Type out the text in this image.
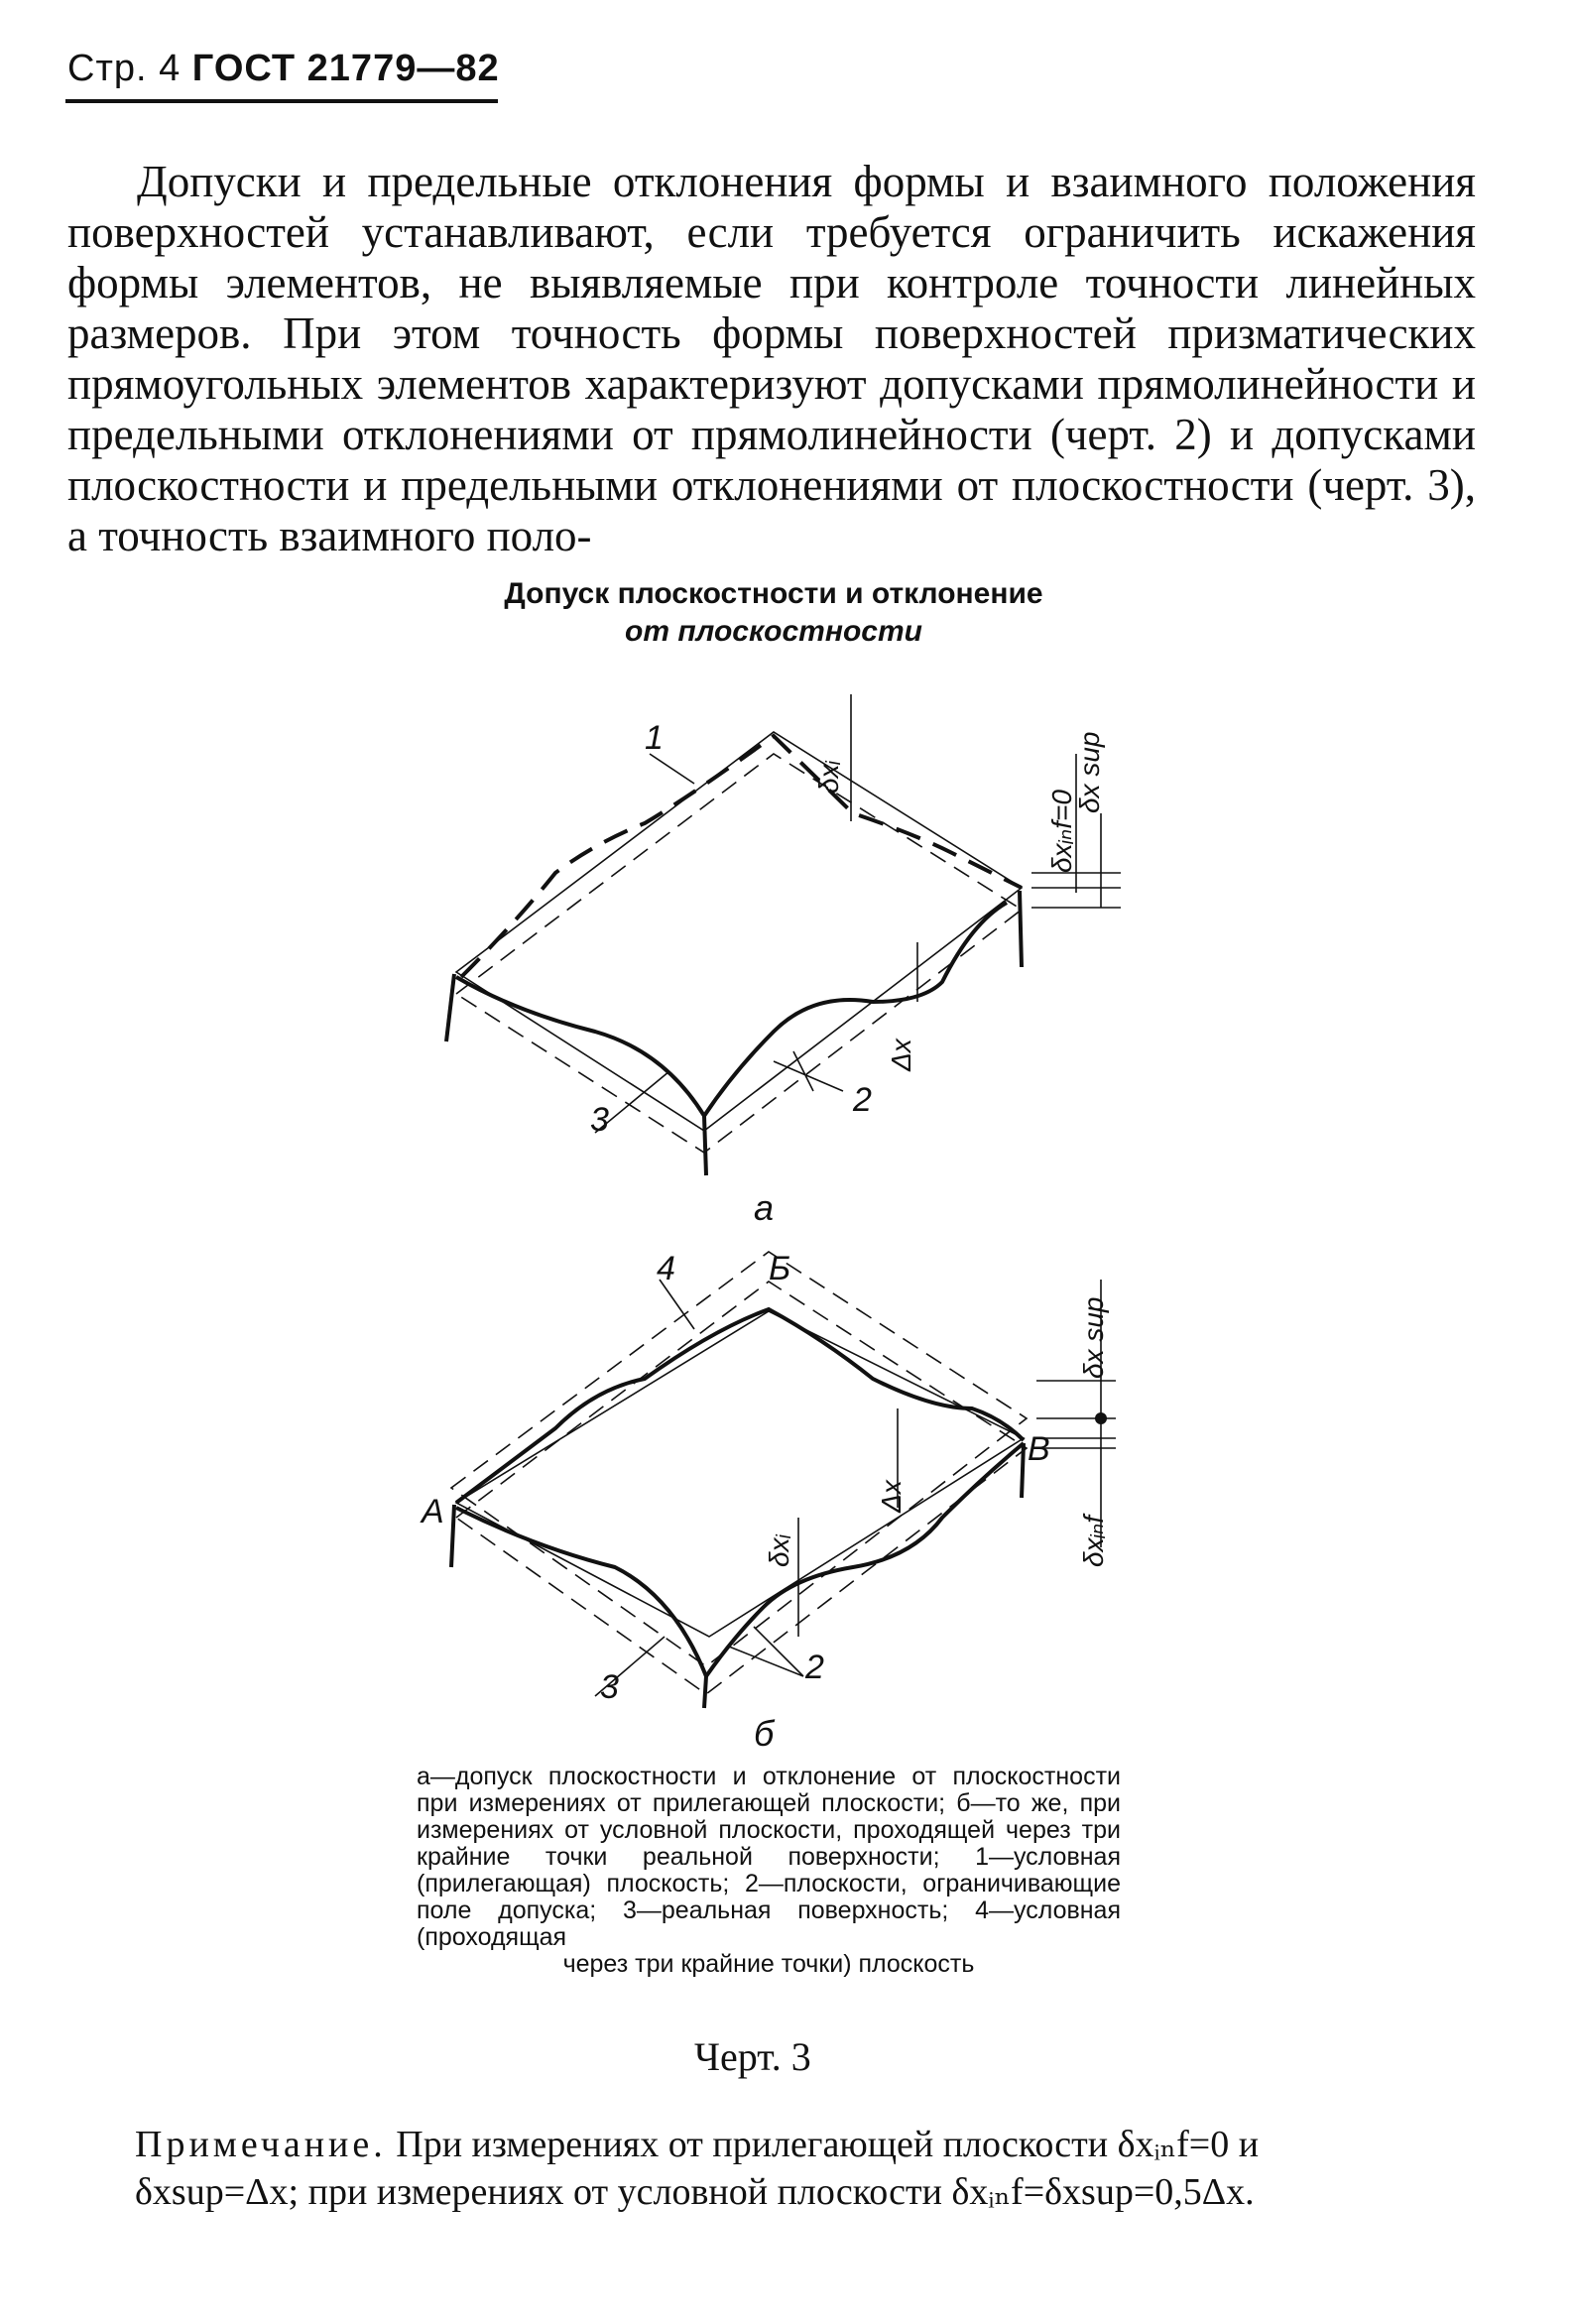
Стр. 4 ГОСТ 21779—82

Допуски и предельные отклонения формы и взаимного положения поверхностей устанавливают, если требуется ограничить искажения формы элементов, не выявляемые при контроле точности линейных размеров. При этом точность формы поверхностей призматических прямоугольных элементов характеризуют допусками прямолинейности и предельными отклонениями от прямолинейности (черт. 2) и допусками плоскостности и предельными отклонениями от плоскостности (черт. 3), а точность взаимного поло-

Допуск плоскостности и отклонение
от плоскостности
1
2
3
а
δxᵢ
δxᵢₙf=0
δx sup
Δx
4
2
3
А
Б
В
б
δx sup
δxᵢₙf
Δx
δxᵢ
а—допуск плоскостности и отклонение от плоскостности при измерениях от прилегающей плоскости; б—то же, при измерениях от условной плоскости, проходящей через три крайние точки реальной поверхности; 1—условная (прилегающая) плоскость; 2—плоскости, ограничивающие поле допуска; 3—реальная поверхность; 4—условная (проходящая
через три крайние точки) плоскость
Черт. 3
Примечание. При измерениях от прилегающей плоскости δxᵢₙf=0 и
δxsup=Δx; при измерениях от условной плоскости δxᵢₙf=δxsup=0,5Δx.
